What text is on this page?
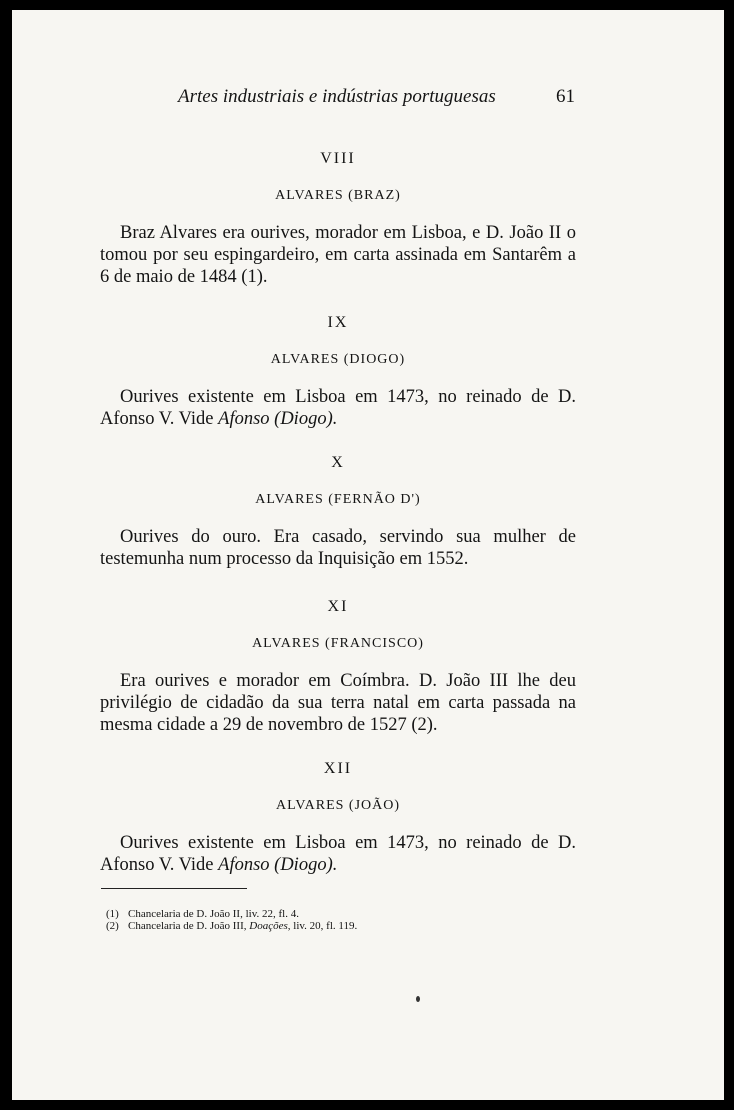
Artes industriais e indústrias portuguesas	61
VIII
ALVARES (BRAZ)
Braz Alvares era ourives, morador em Lisboa, e D. João II o tomou por seu espingardeiro, em carta assinada em Santarêm a 6 de maio de 1484 (1).
IX
ALVARES (DIOGO)
Ourives existente em Lisboa em 1473, no reinado de D. Afonso V. Vide Afonso (Diogo).
X
ALVARES (FERNÃO D')
Ourives do ouro. Era casado, servindo sua mulher de testemunha num processo da Inquisição em 1552.
XI
ALVARES (FRANCISCO)
Era ourives e morador em Coímbra. D. João III lhe deu privilégio de cidadão da sua terra natal em carta passada na mesma cidade a 29 de novembro de 1527 (2).
XII
ALVARES (JOÃO)
Ourives existente em Lisboa em 1473, no reinado de D. Afonso V. Vide Afonso (Diogo).
(1) Chancelaria de D. João II, liv. 22, fl. 4.
(2) Chancelaria de D. João III, Doações, liv. 20, fl. 119.
